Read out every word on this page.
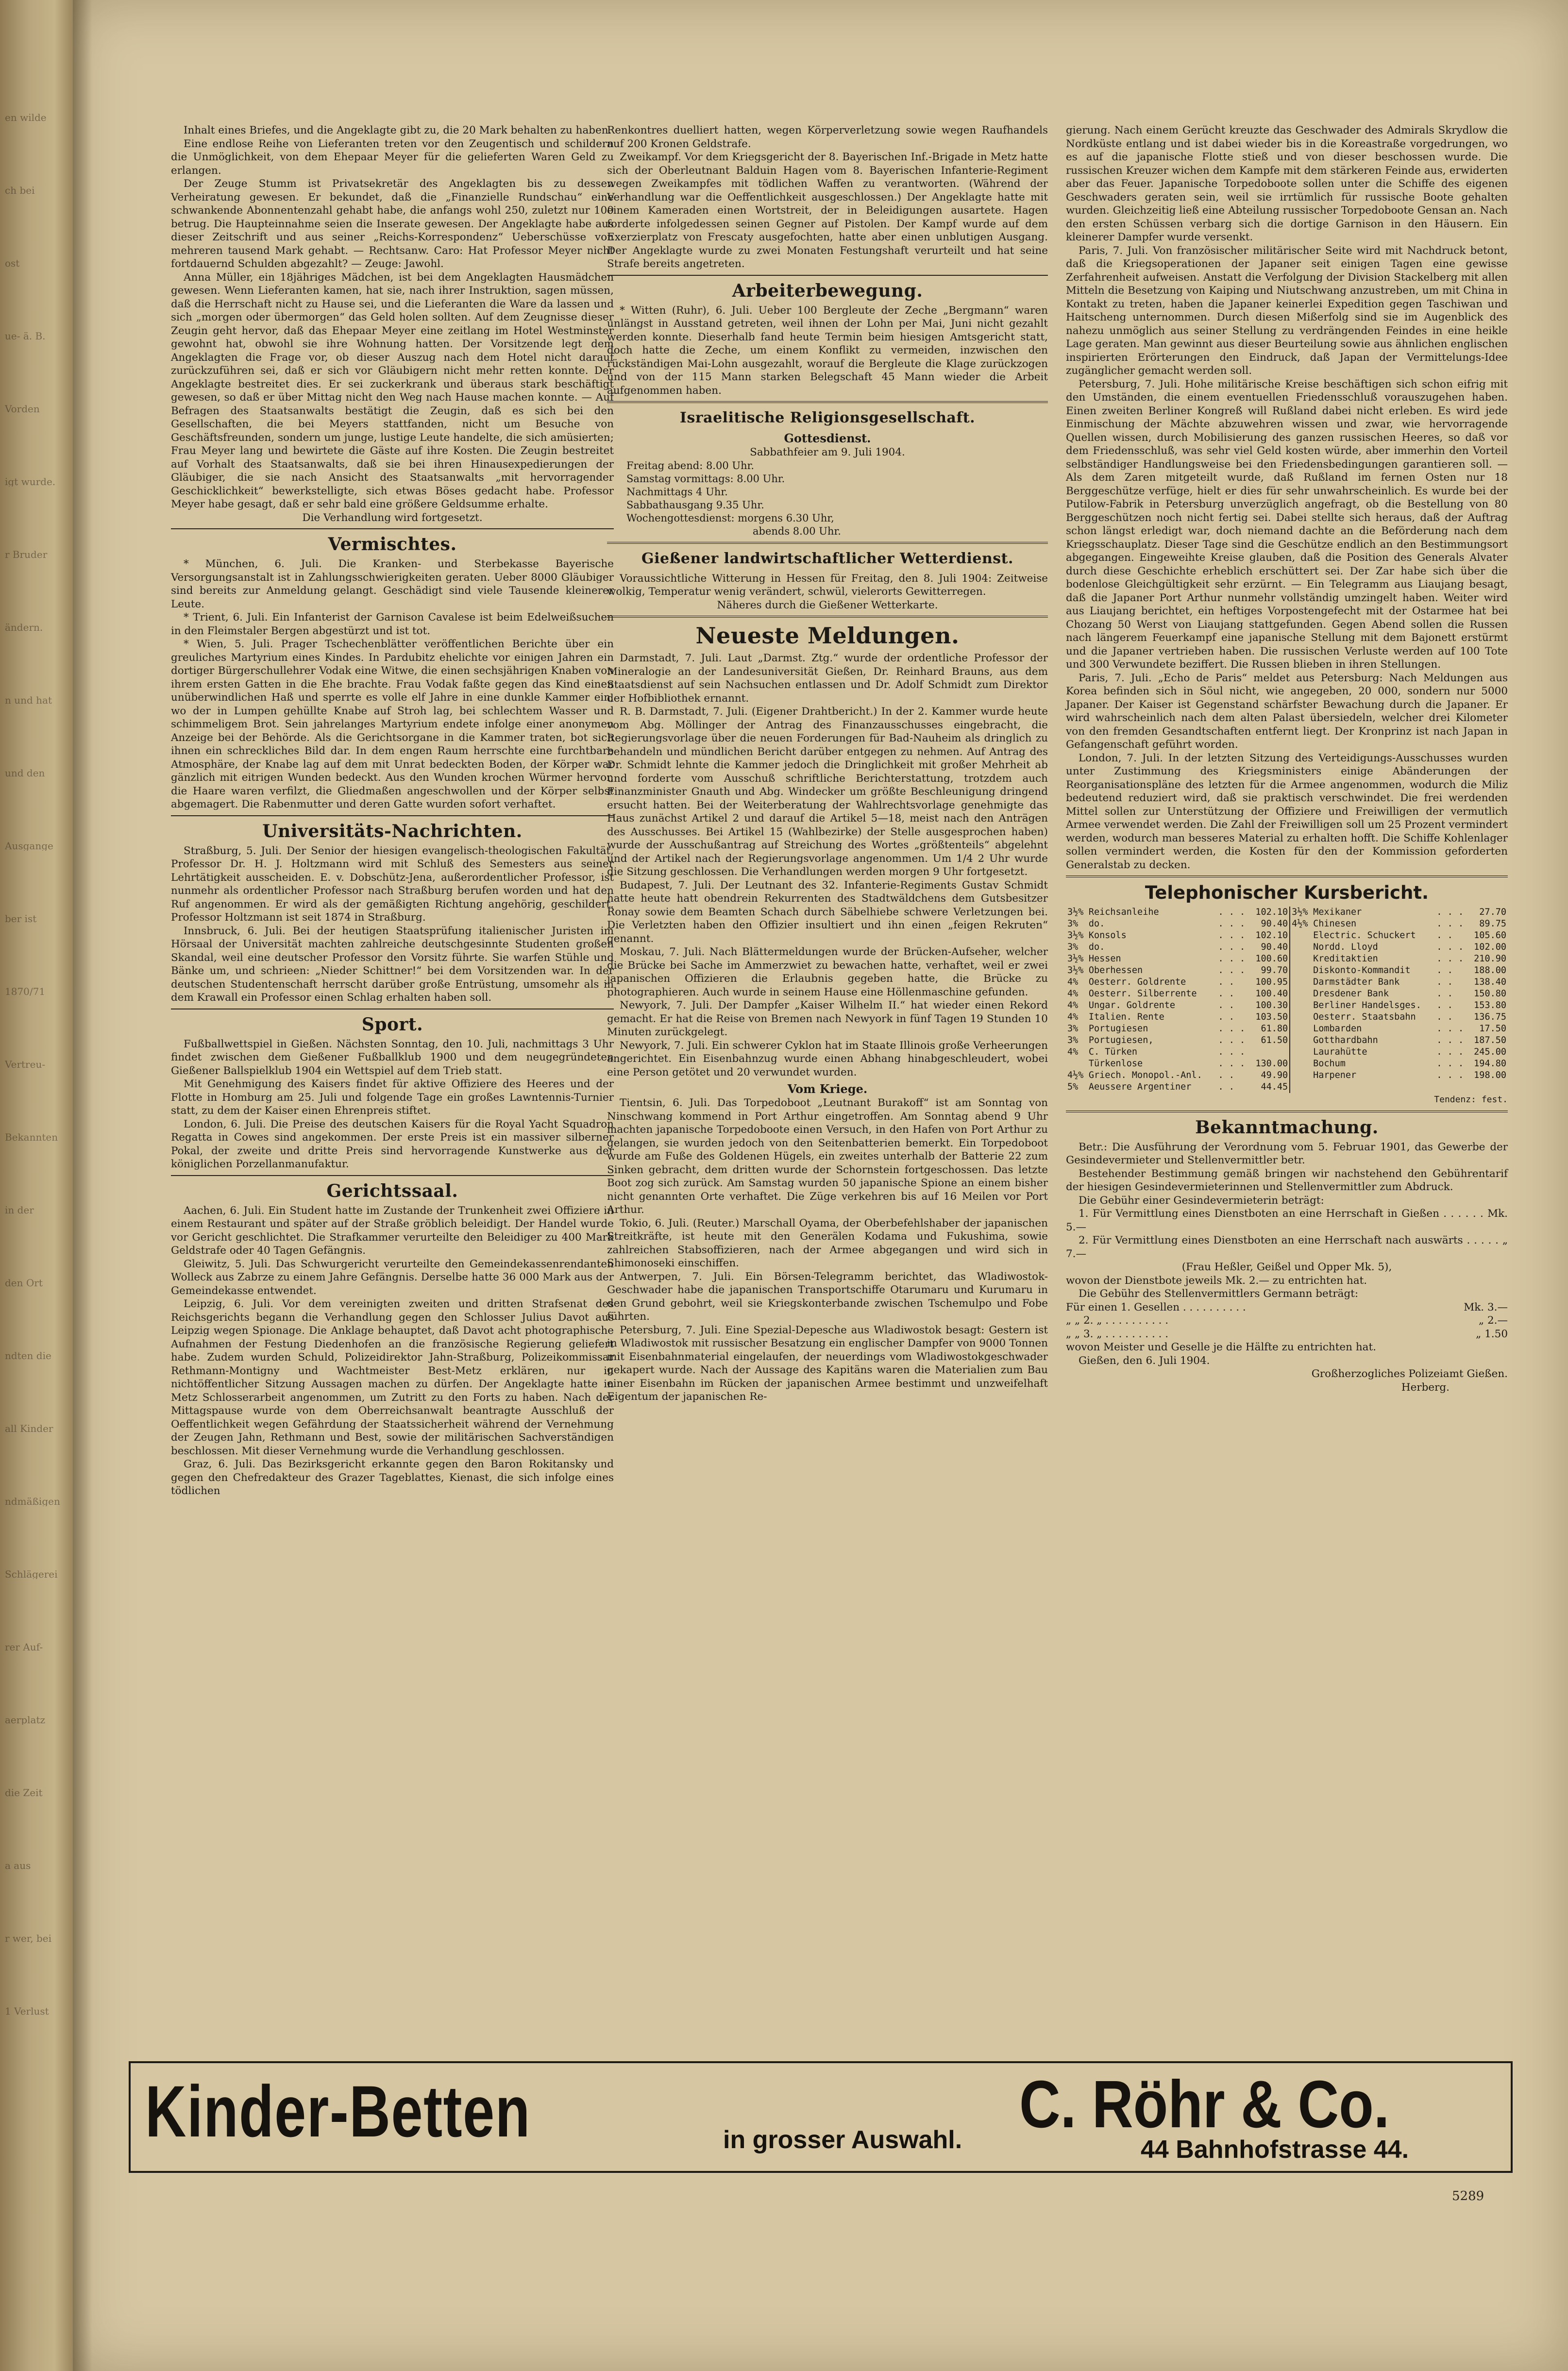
en wilde
ch bei
ost
ue- ä. B.
Vorden
igt wurde.
r Bruder
ändern.
n und hat
und den
Ausgange
ber ist
1870/71
Vertreu-
Bekannten
in der
den Ort
ndten die
all Kinder
ndmäßigen
Schlägerei
rer Auf-
aerplatz
die Zeit
a aus
r wer, bei
1 Verlust

Inhalt eines Briefes, und die Angeklagte gibt zu, die 20 Mark behalten zu haben.

Eine endlose Reihe von Lieferanten treten vor den Zeugentisch und schildern die Unmöglichkeit, von dem Ehepaar Meyer für die gelieferten Waren Geld zu erlangen.

Der Zeuge Stumm ist Privatsekretär des Angeklagten bis zu dessen Verheiratung gewesen. Er bekundet, daß die „Finanzielle Rundschau“ eine schwankende Abonnentenzahl gehabt habe, die anfangs wohl 250, zuletzt nur 100 betrug. Die Haupteinnahme seien die Inserate gewesen. Der Angeklagte habe aus dieser Zeitschrift und aus seiner „Reichs-Korrespondenz“ Ueberschüsse von mehreren tausend Mark gehabt. — Rechtsanw. Caro: Hat Professor Meyer nicht fortdauernd Schulden abgezahlt? — Zeuge: Jawohl.

Anna Müller, ein 18jähriges Mädchen, ist bei dem Angeklagten Hausmädchen gewesen. Wenn Lieferanten kamen, hat sie, nach ihrer Instruktion, sagen müssen, daß die Herrschaft nicht zu Hause sei, und die Lieferanten die Ware da lassen und sich „morgen oder übermorgen“ das Geld holen sollten. Auf dem Zeugnisse dieser Zeugin geht hervor, daß das Ehepaar Meyer eine zeitlang im Hotel Westminster gewohnt hat, obwohl sie ihre Wohnung hatten. Der Vorsitzende legt dem Angeklagten die Frage vor, ob dieser Auszug nach dem Hotel nicht darauf zurückzuführen sei, daß er sich vor Gläubigern nicht mehr retten konnte. Der Angeklagte bestreitet dies. Er sei zuckerkrank und überaus stark beschäftigt gewesen, so daß er über Mittag nicht den Weg nach Hause machen konnte. — Auf Befragen des Staatsanwalts bestätigt die Zeugin, daß es sich bei den Gesellschaften, die bei Meyers stattfanden, nicht um Besuche von Geschäftsfreunden, sondern um junge, lustige Leute handelte, die sich amüsierten; Frau Meyer lang und bewirtete die Gäste auf ihre Kosten. Die Zeugin bestreitet auf Vorhalt des Staatsanwalts, daß sie bei ihren Hinausexpedierungen der Gläubiger, die sie nach Ansicht des Staatsanwalts „mit hervorragender Geschicklichkeit“ bewerkstelligte, sich etwas Böses gedacht habe. Professor Meyer habe gesagt, daß er sehr bald eine größere Geldsumme erhalte.

Die Verhandlung wird fortgesetzt.

Vermischtes.

* München, 6. Juli. Die Kranken- und Sterbekasse Bayerische Versorgungsanstalt ist in Zahlungsschwierigkeiten geraten. Ueber 8000 Gläubiger sind bereits zur Anmeldung gelangt. Geschädigt sind viele Tausende kleinerer Leute.

* Trient, 6. Juli. Ein Infanterist der Garnison Cavalese ist beim Edelweißsuchen in den Fleimstaler Bergen abgestürzt und ist tot.

* Wien, 5. Juli. Prager Tschechenblätter veröffentlichen Berichte über ein greuliches Martyrium eines Kindes. In Pardubitz ehelichte vor einigen Jahren ein dortiger Bürgerschullehrer Vodak eine Witwe, die einen sechsjährigen Knaben von ihrem ersten Gatten in die Ehe brachte. Frau Vodak faßte gegen das Kind einen unüberwindlichen Haß und sperrte es volle elf Jahre in eine dunkle Kammer ein, wo der in Lumpen gehüllte Knabe auf Stroh lag, bei schlechtem Wasser und schimmeligem Brot. Sein jahrelanges Martyrium endete infolge einer anonymen Anzeige bei der Behörde. Als die Gerichtsorgane in die Kammer traten, bot sich ihnen ein schreckliches Bild dar. In dem engen Raum herrschte eine furchtbare Atmosphäre, der Knabe lag auf dem mit Unrat bedeckten Boden, der Körper war gänzlich mit eitrigen Wunden bedeckt. Aus den Wunden krochen Würmer hervor, die Haare waren verfilzt, die Gliedmaßen angeschwollen und der Körper selbst abgemagert. Die Rabenmutter und deren Gatte wurden sofort verhaftet.

Universitäts-Nachrichten.

Straßburg, 5. Juli. Der Senior der hiesigen evangelisch-theologischen Fakultät, Professor Dr. H. J. Holtzmann wird mit Schluß des Semesters aus seiner Lehrtätigkeit ausscheiden. E. v. Dobschütz-Jena, außerordentlicher Professor, ist nunmehr als ordentlicher Professor nach Straßburg berufen worden und hat den Ruf angenommen. Er wird als der gemäßigten Richtung angehörig, geschildert. Professor Holtzmann ist seit 1874 in Straßburg.

Innsbruck, 6. Juli. Bei der heutigen Staatsprüfung italienischer Juristen im Hörsaal der Universität machten zahlreiche deutschgesinnte Studenten großen Skandal, weil eine deutscher Professor den Vorsitz führte. Sie warfen Stühle und Bänke um, und schrieen: „Nieder Schittner!“ bei dem Vorsitzenden war. In der deutschen Studentenschaft herrscht darüber große Entrüstung, umsomehr als in dem Krawall ein Professor einen Schlag erhalten haben soll.

Sport.

Fußballwettspiel in Gießen. Nächsten Sonntag, den 10. Juli, nachmittags 3 Uhr findet zwischen dem Gießener Fußballklub 1900 und dem neugegründeten Gießener Ballspielklub 1904 ein Wettspiel auf dem Trieb statt.

Mit Genehmigung des Kaisers findet für aktive Offiziere des Heeres und der Flotte in Homburg am 25. Juli und folgende Tage ein großes Lawntennis-Turnier statt, zu dem der Kaiser einen Ehrenpreis stiftet.

London, 6. Juli. Die Preise des deutschen Kaisers für die Royal Yacht Squadron Regatta in Cowes sind angekommen. Der erste Preis ist ein massiver silberner Pokal, der zweite und dritte Preis sind hervorragende Kunstwerke aus der königlichen Porzellanmanufaktur.

Gerichtssaal.

Aachen, 6. Juli. Ein Student hatte im Zustande der Trunkenheit zwei Offiziere in einem Restaurant und später auf der Straße gröblich beleidigt. Der Handel wurde vor Gericht geschlichtet. Die Strafkammer verurteilte den Beleidiger zu 400 Mark Geldstrafe oder 40 Tagen Gefängnis.

Gleiwitz, 5. Juli. Das Schwurgericht verurteilte den Gemeindekassenrendanten Wolleck aus Zabrze zu einem Jahre Gefängnis. Derselbe hatte 36 000 Mark aus der Gemeindekasse entwendet.

Leipzig, 6. Juli. Vor dem vereinigten zweiten und dritten Strafsenat des Reichsgerichts begann die Verhandlung gegen den Schlosser Julius Davot aus Leipzig wegen Spionage. Die Anklage behauptet, daß Davot acht photographische Aufnahmen der Festung Diedenhofen an die französische Regierung geliefert habe. Zudem wurden Schuld, Polizeidirektor Jahn-Straßburg, Polizeikommissar Rethmann-Montigny und Wachtmeister Best-Metz erklären, nur in nichtöffentlicher Sitzung Aussagen machen zu dürfen. Der Angeklagte hatte in Metz Schlosserarbeit angenommen, um Zutritt zu den Forts zu haben. Nach der Mittagspause wurde von dem Oberreichsanwalt beantragte Ausschluß der Oeffentlichkeit wegen Gefährdung der Staatssicherheit während der Vernehmung der Zeugen Jahn, Rethmann und Best, sowie der militärischen Sachverständigen beschlossen. Mit dieser Vernehmung wurde die Verhandlung geschlossen.

Graz, 6. Juli. Das Bezirksgericht erkannte gegen den Baron Rokitansky und gegen den Chefredakteur des Grazer Tageblattes, Kienast, die sich infolge eines tödlichen

Renkontres duelliert hatten, wegen Körperverletzung sowie wegen Raufhandels auf 200 Kronen Geldstrafe.

Zweikampf. Vor dem Kriegsgericht der 8. Bayerischen Inf.-Brigade in Metz hatte sich der Oberleutnant Balduin Hagen vom 8. Bayerischen Infanterie-Regiment wegen Zweikampfes mit tödlichen Waffen zu verantworten. (Während der Verhandlung war die Oeffentlichkeit ausgeschlossen.) Der Angeklagte hatte mit einem Kameraden einen Wortstreit, der in Beleidigungen ausartete. Hagen forderte infolgedessen seinen Gegner auf Pistolen. Der Kampf wurde auf dem Exerzierplatz von Frescaty ausgefochten, hatte aber einen unblutigen Ausgang. Der Angeklagte wurde zu zwei Monaten Festungshaft verurteilt und hat seine Strafe bereits angetreten.

Arbeiterbewegung.

* Witten (Ruhr), 6. Juli. Ueber 100 Bergleute der Zeche „Bergmann“ waren unlängst in Ausstand getreten, weil ihnen der Lohn per Mai, Juni nicht gezahlt werden konnte. Dieserhalb fand heute Termin beim hiesigen Amtsgericht statt, doch hatte die Zeche, um einem Konflikt zu vermeiden, inzwischen den rückständigen Mai-Lohn ausgezahlt, worauf die Bergleute die Klage zurückzogen und von der 115 Mann starken Belegschaft 45 Mann wieder die Arbeit aufgenommen haben.

Israelitische Religionsgesellschaft.
Gottesdienst.

Sabbathfeier am 9. Juli 1904.

Freitag abend: 8.00 Uhr.

Samstag vormittags: 8.00 Uhr.

Nachmittags 4 Uhr.

Sabbathausgang 9.35 Uhr.

Wochengottesdienst: morgens 6.30 Uhr,

abends 8.00 Uhr.

Gießener landwirtschaftlicher Wetterdienst.

Voraussichtliche Witterung in Hessen für Freitag, den 8. Juli 1904: Zeitweise wolkig, Temperatur wenig verändert, schwül, vielerorts Gewitterregen.

Näheres durch die Gießener Wetterkarte.

Neueste Meldungen.

Darmstadt, 7. Juli. Laut „Darmst. Ztg.“ wurde der ordentliche Professor der Mineralogie an der Landesuniversität Gießen, Dr. Reinhard Brauns, aus dem Staatsdienst auf sein Nachsuchen entlassen und Dr. Adolf Schmidt zum Direktor der Hofbibliothek ernannt.

R. B. Darmstadt, 7. Juli. (Eigener Drahtbericht.) In der 2. Kammer wurde heute vom Abg. Möllinger der Antrag des Finanzausschusses eingebracht, die Regierungsvorlage über die neuen Forderungen für Bad-Nauheim als dringlich zu behandeln und mündlichen Bericht darüber entgegen zu nehmen. Auf Antrag des Dr. Schmidt lehnte die Kammer jedoch die Dringlichkeit mit großer Mehrheit ab und forderte vom Ausschuß schriftliche Berichterstattung, trotzdem auch Finanzminister Gnauth und Abg. Windecker um größte Beschleunigung dringend ersucht hatten. Bei der Weiterberatung der Wahlrechtsvorlage genehmigte das Haus zunächst Artikel 2 und darauf die Artikel 5—18, meist nach den Anträgen des Ausschusses. Bei Artikel 15 (Wahlbezirke) der Stelle ausgesprochen haben) wurde der Ausschußantrag auf Streichung des Wortes „größtenteils“ abgelehnt und der Artikel nach der Regierungsvorlage angenommen. Um 1/4 2 Uhr wurde die Sitzung geschlossen. Die Verhandlungen werden morgen 9 Uhr fortgesetzt.

Budapest, 7. Juli. Der Leutnant des 32. Infanterie-Regiments Gustav Schmidt hatte heute hatt obendrein Rekurrenten des Stadtwäldchens dem Gutsbesitzer Ronay sowie dem Beamten Schach durch Säbelhiebe schwere Verletzungen bei. Die Verletzten haben den Offizier insultiert und ihn einen „feigen Rekruten“ genannt.

Moskau, 7. Juli. Nach Blättermeldungen wurde der Brücken-Aufseher, welcher die Brücke bei Sache im Ammerzwiet zu bewachen hatte, verhaftet, weil er zwei japanischen Offizieren die Erlaubnis gegeben hatte, die Brücke zu photographieren. Auch wurde in seinem Hause eine Höllenmaschine gefunden.

Newyork, 7. Juli. Der Dampfer „Kaiser Wilhelm II.“ hat wieder einen Rekord gemacht. Er hat die Reise von Bremen nach Newyork in fünf Tagen 19 Stunden 10 Minuten zurückgelegt.

Newyork, 7. Juli. Ein schwerer Cyklon hat im Staate Illinois große Verheerungen angerichtet. Ein Eisenbahnzug wurde einen Abhang hinabgeschleudert, wobei eine Person getötet und 20 verwundet wurden.

Vom Kriege.

Tientsin, 6. Juli. Das Torpedoboot „Leutnant Burakoff“ ist am Sonntag von Ninschwang kommend in Port Arthur eingetroffen. Am Sonntag abend 9 Uhr machten japanische Torpedoboote einen Versuch, in den Hafen von Port Arthur zu gelangen, sie wurden jedoch von den Seitenbatterien bemerkt. Ein Torpedoboot wurde am Fuße des Goldenen Hügels, ein zweites unterhalb der Batterie 22 zum Sinken gebracht, dem dritten wurde der Schornstein fortgeschossen. Das letzte Boot zog sich zurück. Am Samstag wurden 50 japanische Spione an einem bisher nicht genannten Orte verhaftet. Die Züge verkehren bis auf 16 Meilen vor Port Arthur.

Tokio, 6. Juli. (Reuter.) Marschall Oyama, der Oberbefehlshaber der japanischen Streitkräfte, ist heute mit den Generälen Kodama und Fukushima, sowie zahlreichen Stabsoffizieren, nach der Armee abgegangen und wird sich in Shimonoseki einschiffen.

Antwerpen, 7. Juli. Ein Börsen-Telegramm berichtet, das Wladiwostok-Geschwader habe die japanischen Transportschiffe Otarumaru und Kurumaru in den Grund gebohrt, weil sie Kriegskonterbande zwischen Tschemulpo und Fobe führten.

Petersburg, 7. Juli. Eine Spezial-Depesche aus Wladiwostok besagt: Gestern ist in Wladiwostok mit russischer Besatzung ein englischer Dampfer von 9000 Tonnen mit Eisenbahnmaterial eingelaufen, der neuerdings vom Wladiwostokgeschwader gekapert wurde. Nach der Aussage des Kapitäns waren die Materialien zum Bau einer Eisenbahn im Rücken der japanischen Armee bestimmt und unzweifelhaft Eigentum der japanischen Re-

gierung. Nach einem Gerücht kreuzte das Geschwader des Admirals Skrydlow die Nordküste entlang und ist dabei wieder bis in die Koreastraße vorgedrungen, wo es auf die japanische Flotte stieß und von dieser beschossen wurde. Die russischen Kreuzer wichen dem Kampfe mit dem stärkeren Feinde aus, erwiderten aber das Feuer. Japanische Torpedoboote sollen unter die Schiffe des eigenen Geschwaders geraten sein, weil sie irrtümlich für russische Boote gehalten wurden. Gleichzeitig ließ eine Abteilung russischer Torpedoboote Gensan an. Nach den ersten Schüssen verbarg sich die dortige Garnison in den Häusern. Ein kleinerer Dampfer wurde versenkt.

Paris, 7. Juli. Von französischer militärischer Seite wird mit Nachdruck betont, daß die Kriegsoperationen der Japaner seit einigen Tagen eine gewisse Zerfahrenheit aufweisen. Anstatt die Verfolgung der Division Stackelberg mit allen Mitteln die Besetzung von Kaiping und Niutschwang anzustreben, um mit China in Kontakt zu treten, haben die Japaner keinerlei Expedition gegen Taschiwan und Haitscheng unternommen. Durch diesen Mißerfolg sind sie im Augenblick des nahezu unmöglich aus seiner Stellung zu verdrängenden Feindes in eine heikle Lage geraten. Man gewinnt aus dieser Beurteilung sowie aus ähnlichen englischen inspirierten Erörterungen den Eindruck, daß Japan der Vermittelungs-Idee zugänglicher gemacht werden soll.

Petersburg, 7. Juli. Hohe militärische Kreise beschäftigen sich schon eifrig mit den Umständen, die einem eventuellen Friedensschluß vorauszugehen haben. Einen zweiten Berliner Kongreß will Rußland dabei nicht erleben. Es wird jede Einmischung der Mächte abzuwehren wissen und zwar, wie hervorragende Quellen wissen, durch Mobilisierung des ganzen russischen Heeres, so daß vor dem Friedensschluß, was sehr viel Geld kosten würde, aber immerhin den Vorteil selbständiger Handlungsweise bei den Friedensbedingungen garantieren soll. — Als dem Zaren mitgeteilt wurde, daß Rußland im fernen Osten nur 18 Berggeschütze verfüge, hielt er dies für sehr unwahrscheinlich. Es wurde bei der Putilow-Fabrik in Petersburg unverzüglich angefragt, ob die Bestellung von 80 Berggeschützen noch nicht fertig sei. Dabei stellte sich heraus, daß der Auftrag schon längst erledigt war, doch niemand dachte an die Beförderung nach dem Kriegsschauplatz. Dieser Tage sind die Geschütze endlich an den Bestimmungsort abgegangen. Eingeweihte Kreise glauben, daß die Position des Generals Alvater durch diese Geschichte erheblich erschüttert sei. Der Zar habe sich über die bodenlose Gleichgültigkeit sehr erzürnt. — Ein Telegramm aus Liaujang besagt, daß die Japaner Port Arthur nunmehr vollständig umzingelt haben. Weiter wird aus Liaujang berichtet, ein heftiges Vorpostengefecht mit der Ostarmee hat bei Chozang 50 Werst von Liaujang stattgefunden. Gegen Abend sollen die Russen nach längerem Feuerkampf eine japanische Stellung mit dem Bajonett erstürmt und die Japaner vertrieben haben. Die russischen Verluste werden auf 100 Tote und 300 Verwundete beziffert. Die Russen blieben in ihren Stellungen.

Paris, 7. Juli. „Echo de Paris“ meldet aus Petersburg: Nach Meldungen aus Korea befinden sich in Söul nicht, wie angegeben, 20 000, sondern nur 5000 Japaner. Der Kaiser ist Gegenstand schärfster Bewachung durch die Japaner. Er wird wahrscheinlich nach dem alten Palast übersiedeln, welcher drei Kilometer von den fremden Gesandtschaften entfernt liegt. Der Kronprinz ist nach Japan in Gefangenschaft geführt worden.

London, 7. Juli. In der letzten Sitzung des Verteidigungs-Ausschusses wurden unter Zustimmung des Kriegsministers einige Abänderungen der Reorganisationspläne des letzten für die Armee angenommen, wodurch die Miliz bedeutend reduziert wird, daß sie praktisch verschwindet. Die frei werdenden Mittel sollen zur Unterstützung der Offiziere und Freiwilligen der vermutlich Armee verwendet werden. Die Zahl der Freiwilligen soll um 25 Prozent vermindert werden, wodurch man besseres Material zu erhalten hofft. Die Schiffe Kohlenlager sollen vermindert werden, die Kosten für den der Kommission geforderten Generalstab zu decken.

Telephonischer Kursbericht.
3½%	Reichsanleihe	. . .	102.10	3½%	Mexikaner	. . .	27.70
3%	do.	. . .	90.40	4½%	Chinesen	. . .	89.75
3½%	Konsols	. . .	102.10		Electric. Schuckert	. .	105.60
3%	do.	. . .	90.40		Nordd. Lloyd	. . .	102.00
3½%	Hessen	. . .	100.60		Kreditaktien	. . .	210.90
3½%	Oberhessen	. . .	99.70		Diskonto-Kommandit	. .	188.00
4%	Oesterr. Goldrente	. .	100.95		Darmstädter Bank	. .	138.40
4%	Oesterr. Silberrente	. .	100.40		Dresdener Bank	. .	150.80
4%	Ungar. Goldrente	. .	100.30		Berliner Handelsges.	. .	153.80
4%	Italien. Rente	. .	103.50		Oesterr. Staatsbahn	. .	136.75
3%	Portugiesen	. . .	61.80		Lombarden	. . .	17.50
3%	Portugiesen,	. . .	61.50		Gotthardbahn	. . .	187.50
4%	C. Türken	. . .			Laurahütte	. . .	245.00
	Türkenlose	. . .	130.00		Bochum	. . .	194.80
4½%	Griech. Monopol.-Anl.	. .	49.90		Harpener	. . .	198.00
5%	Aeussere Argentiner	. .	44.45				
Tendenz: fest.
Bekanntmachung.

Betr.: Die Ausführung der Verordnung vom 5. Februar 1901, das Gewerbe der Gesindevermieter und Stellenvermittler betr.

Bestehender Bestimmung gemäß bringen wir nachstehend den Gebührentarif der hiesigen Gesindevermieterinnen und Stellenvermittler zum Abdruck.

Die Gebühr einer Gesindevermieterin beträgt:

1. Für Vermittlung eines Dienstboten an eine Herrschaft in Gießen . . . . . . Mk. 5.—

2. Für Vermittlung eines Dienstboten an eine Herrschaft nach auswärts . . . . . „ 7.—

(Frau Heßler, Geißel und Opper Mk. 5),

wovon der Dienstbote jeweils Mk. 2.— zu entrichten hat.

Die Gebühr des Stellenvermittlers Germann beträgt:

Für einen 1. Gesellen . . . . . . . . . .	Mk. 3.—
„ „ 2. „ . . . . . . . . . .	„ 2.—
„ „ 3. „ . . . . . . . . . .	„ 1.50

wovon Meister und Geselle je die Hälfte zu entrichten hat.

Gießen, den 6. Juli 1904.

Großherzogliches Polizeiamt Gießen.

Herberg.

Kinder-Betten	in grosser Auswahl. C. Röhr & Co.
44 Bahnhofstrasse 44.
5289
